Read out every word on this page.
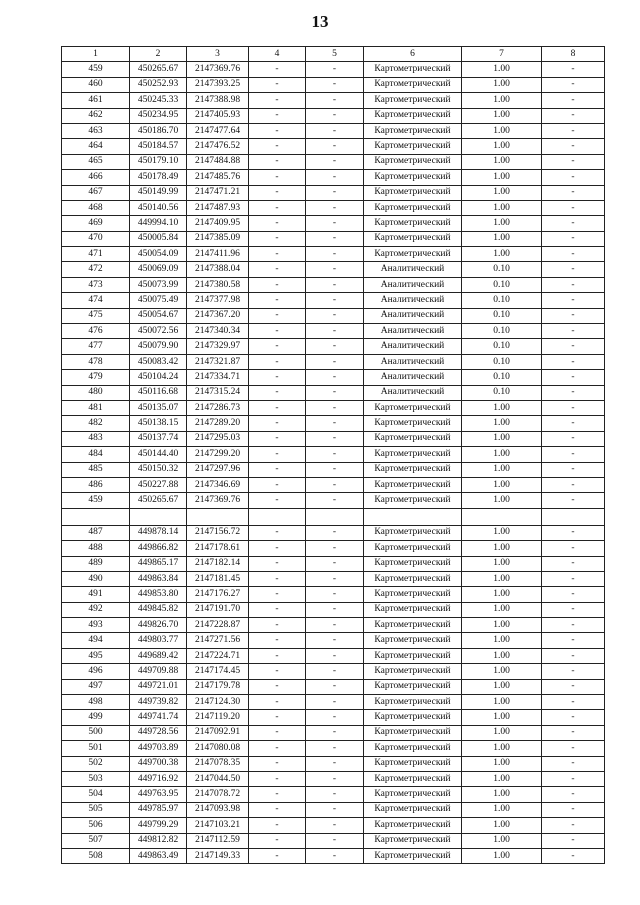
13
1	2	3	4	5	6	7	8
459	450265.67	2147369.76	-	-	Картометрический	1.00	-
460	450252.93	2147393.25	-	-	Картометрический	1.00	-
461	450245.33	2147388.98	-	-	Картометрический	1.00	-
462	450234.95	2147405.93	-	-	Картометрический	1.00	-
463	450186.70	2147477.64	-	-	Картометрический	1.00	-
464	450184.57	2147476.52	-	-	Картометрический	1.00	-
465	450179.10	2147484.88	-	-	Картометрический	1.00	-
466	450178.49	2147485.76	-	-	Картометрический	1.00	-
467	450149.99	2147471.21	-	-	Картометрический	1.00	-
468	450140.56	2147487.93	-	-	Картометрический	1.00	-
469	449994.10	2147409.95	-	-	Картометрический	1.00	-
470	450005.84	2147385.09	-	-	Картометрический	1.00	-
471	450054.09	2147411.96	-	-	Картометрический	1.00	-
472	450069.09	2147388.04	-	-	Аналитический	0.10	-
473	450073.99	2147380.58	-	-	Аналитический	0.10	-
474	450075.49	2147377.98	-	-	Аналитический	0.10	-
475	450054.67	2147367.20	-	-	Аналитический	0.10	-
476	450072.56	2147340.34	-	-	Аналитический	0.10	-
477	450079.90	2147329.97	-	-	Аналитический	0.10	-
478	450083.42	2147321.87	-	-	Аналитический	0.10	-
479	450104.24	2147334.71	-	-	Аналитический	0.10	-
480	450116.68	2147315.24	-	-	Аналитический	0.10	-
481	450135.07	2147286.73	-	-	Картометрический	1.00	-
482	450138.15	2147289.20	-	-	Картометрический	1.00	-
483	450137.74	2147295.03	-	-	Картометрический	1.00	-
484	450144.40	2147299.20	-	-	Картометрический	1.00	-
485	450150.32	2147297.96	-	-	Картометрический	1.00	-
486	450227.88	2147346.69	-	-	Картометрический	1.00	-
459	450265.67	2147369.76	-	-	Картометрический	1.00	-

487	449878.14	2147156.72	-	-	Картометрический	1.00	-
488	449866.82	2147178.61	-	-	Картометрический	1.00	-
489	449865.17	2147182.14	-	-	Картометрический	1.00	-
490	449863.84	2147181.45	-	-	Картометрический	1.00	-
491	449853.80	2147176.27	-	-	Картометрический	1.00	-
492	449845.82	2147191.70	-	-	Картометрический	1.00	-
493	449826.70	2147228.87	-	-	Картометрический	1.00	-
494	449803.77	2147271.56	-	-	Картометрический	1.00	-
495	449689.42	2147224.71	-	-	Картометрический	1.00	-
496	449709.88	2147174.45	-	-	Картометрический	1.00	-
497	449721.01	2147179.78	-	-	Картометрический	1.00	-
498	449739.82	2147124.30	-	-	Картометрический	1.00	-
499	449741.74	2147119.20	-	-	Картометрический	1.00	-
500	449728.56	2147092.91	-	-	Картометрический	1.00	-
501	449703.89	2147080.08	-	-	Картометрический	1.00	-
502	449700.38	2147078.35	-	-	Картометрический	1.00	-
503	449716.92	2147044.50	-	-	Картометрический	1.00	-
504	449763.95	2147078.72	-	-	Картометрический	1.00	-
505	449785.97	2147093.98	-	-	Картометрический	1.00	-
506	449799.29	2147103.21	-	-	Картометрический	1.00	-
507	449812.82	2147112.59	-	-	Картометрический	1.00	-
508	449863.49	2147149.33	-	-	Картометрический	1.00	-
